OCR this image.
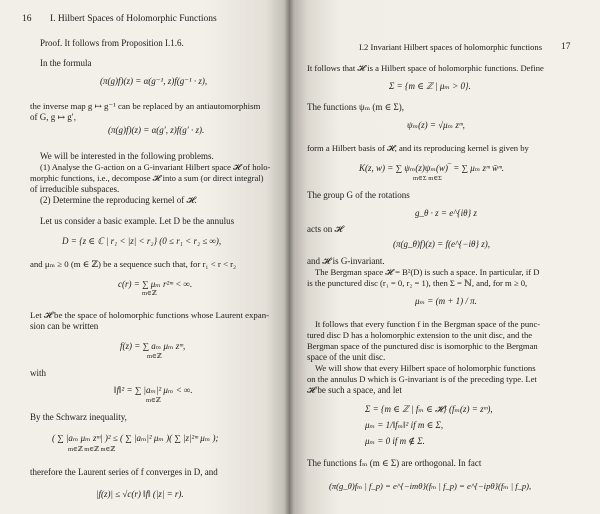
16 I. Hilbert Spaces of Holomorphic Functions
Proof. It follows from Proposition I.1.6.
In the formula
(π(g)f)(z) = α(g⁻¹, z)f(g⁻¹ · z),
the inverse map g ↦ g⁻¹ can be replaced by an antiautomorphism
of G, g ↦ g′,
(π(g)f)(z) = α(g′, z)f(g′ · z).
We will be interested in the following problems.
(1) Analyse the G-action on a G-invariant Hilbert space 𝓗 of holo-
morphic functions, i.e., decompose 𝓗 into a sum (or direct integral)
of irreducible subspaces.
(2) Determine the reproducing kernel of 𝓗.
Let us consider a basic example. Let D be the annulus
D = {z ∈ ℂ | r₁ < |z| < r₂} (0 ≤ r₁ < r₂ ≤ ∞),
and μₘ ≥ 0 (m ∈ ℤ) be a sequence such that, for r₁ < r < r₂
c(r) = ∑ μₘ r²ᵐ < ∞.
m∈ℤ
Let 𝓗 be the space of holomorphic functions whose Laurent expan-
sion can be written
f(z) = ∑ aₘ μₘ zᵐ,
m∈ℤ
with
‖f‖² = ∑ |aₘ|² μₘ < ∞.
m∈ℤ
By the Schwarz inequality,
( ∑ |aₘ μₘ zᵐ| )² ≤ ( ∑ |aₘ|² μₘ )( ∑ |z|²ᵐ μₘ );
m∈ℤ m∈ℤ m∈ℤ
therefore the Laurent series of f converges in D, and
|f(z)| ≤ √c(r) ‖f‖ (|z| = r).
I.2 Invariant Hilbert spaces of holomorphic functions 17
It follows that 𝓗 is a Hilbert space of holomorphic functions. Define
Σ = {m ∈ ℤ | μₘ > 0}.
The functions ψₘ (m ∈ Σ),
ψₘ(z) = √μₘ zᵐ,
form a Hilbert basis of 𝓗, and its reproducing kernel is given by
K(z, w) = ∑ ψₘ(z)ψₘ(w)‾ = ∑ μₘ zᵐ w̄ᵐ.
m∈Σ m∈Σ
The group G of the rotations
g_θ · z = e^{iθ} z
acts on 𝓗
(π(g_θ)f)(z) = f(e^{−iθ} z),
and 𝓗 is G-invariant.
The Bergman space 𝓗 = B²(D) is such a space. In particular, if D
is the punctured disc (r₁ = 0, r₂ = 1), then Σ = ℕ, and, for m ≥ 0,
μₘ = (m + 1) / π.
It follows that every function f in the Bergman space of the punc-
tured disc D has a holomorphic extension to the unit disc, and the
Bergman space of the punctured disc is isomorphic to the Bergman
space of the unit disc.
We will show that every Hilbert space of holomorphic functions
on the annulus D which is G-invariant is of the preceding type. Let
𝓗 be such a space, and let
Σ = {m ∈ ℤ | fₘ ∈ 𝓗} (fₘ(z) = zᵐ),
μₘ = 1/‖fₘ‖² if m ∈ Σ,
μₘ = 0 if m ∉ Σ.
The functions fₘ (m ∈ Σ) are orthogonal. In fact
(π(g_θ)fₘ | f_p) = e^{−imθ}(fₘ | f_p) = e^{−ipθ}(fₘ | f_p),
